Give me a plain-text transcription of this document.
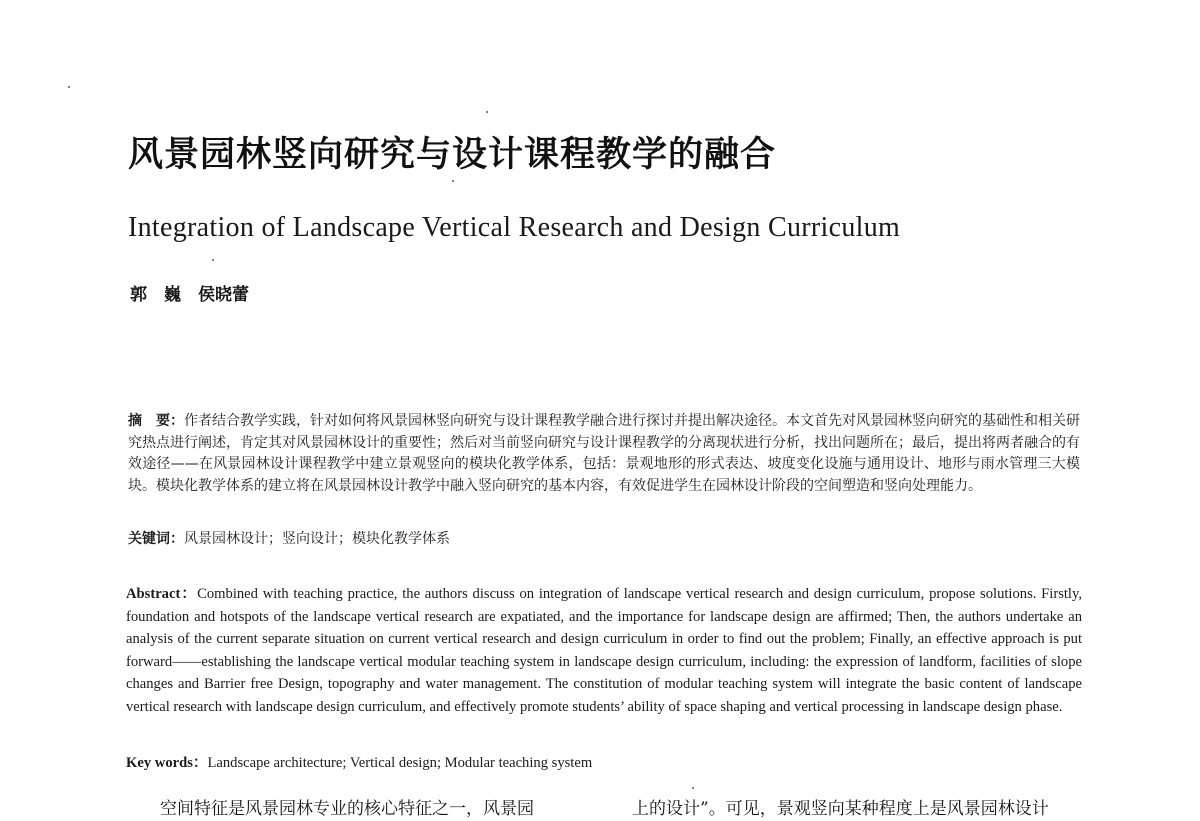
风景园林竖向研究与设计课程教学的融合
Integration of Landscape Vertical Research and Design Curriculum
郭　巍　侯晓蕾
摘　要：作者结合教学实践，针对如何将风景园林竖向研究与设计课程教学融合进行探讨并提出解决途径。本文首先对风景园林竖向研究的基础性和相关研究热点进行阐述，肯定其对风景园林设计的重要性；然后对当前竖向研究与设计课程教学的分离现状进行分析，找出问题所在；最后，提出将两者融合的有效途径——在风景园林设计课程教学中建立景观竖向的模块化教学体系，包括：景观地形的形式表达、坡度变化设施与通用设计、地形与雨水管理三大模块。模块化教学体系的建立将在风景园林设计教学中融入竖向研究的基本内容，有效促进学生在园林设计阶段的空间塑造和竖向处理能力。
关键词：风景园林设计；竖向设计；模块化教学体系
Abstract：Combined with teaching practice, the authors discuss on integration of landscape vertical research and design curriculum, propose solutions. Firstly, foundation and hotspots of the landscape vertical research are expatiated, and the importance for landscape design are affirmed; Then, the authors undertake an analysis of the current separate situation on current vertical research and design curriculum in order to find out the problem; Finally, an effective approach is put forward——establishing the landscape vertical modular teaching system in landscape design curriculum, including: the expression of landform, facilities of slope changes and Barrier free Design, topography and water management. The constitution of modular teaching system will integrate the basic content of landscape vertical research with landscape design curriculum, and effectively promote students’ ability of space shaping and vertical processing in landscape design phase.
Key words：Landscape architecture; Vertical design; Modular teaching system
空间特征是风景园林专业的核心特征之一，风景园	上的设计”。可见，景观竖向某种程度上是风景园林设计
